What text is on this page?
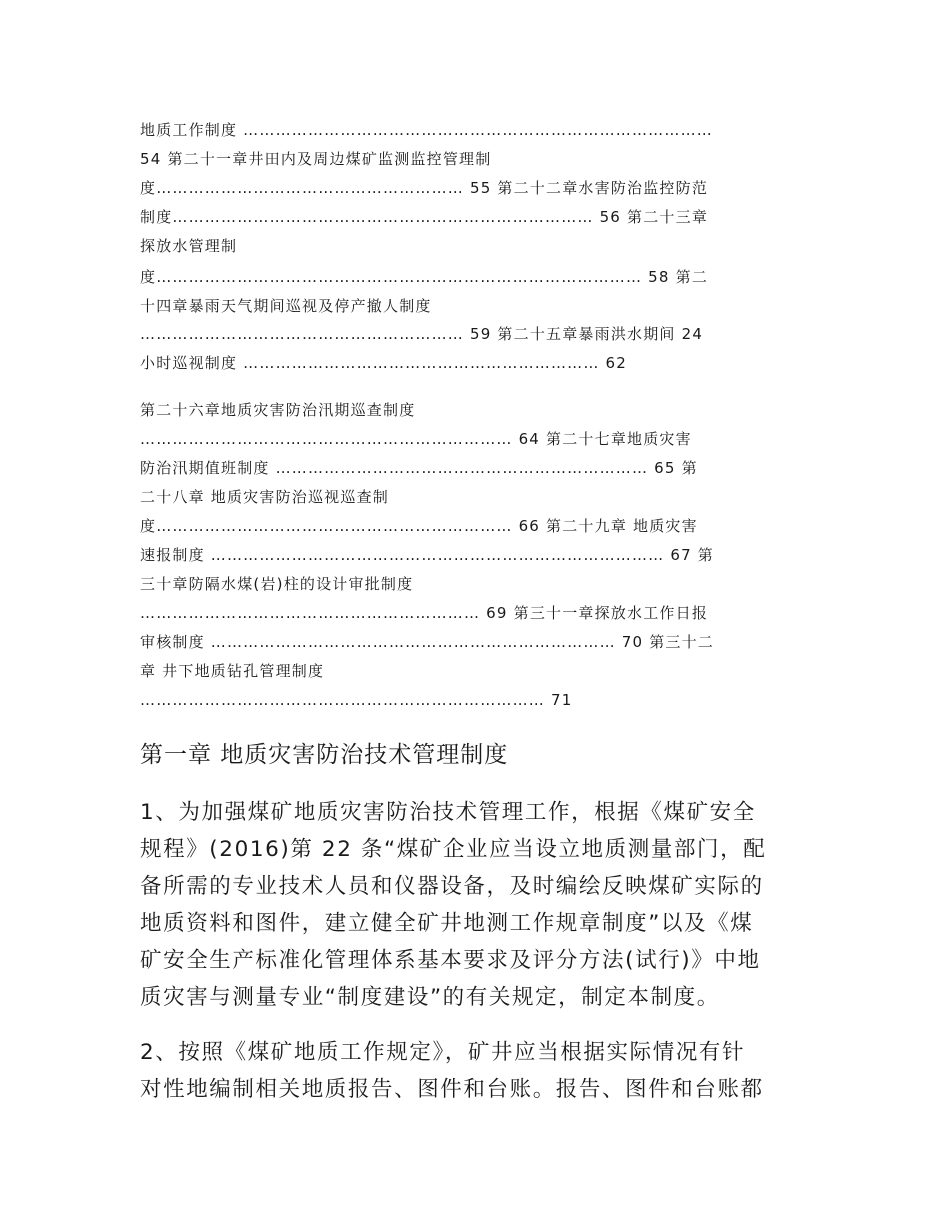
地质工作制度 ……………………………………………………………………………
54 第二十一章井田内及周边煤矿监测监控管理制
度………………………………………………… 55 第二十二章水害防治监控防范
制度…………………………………………………………………… 56 第二十三章
探放水管理制
度……………………………………………………………………………… 58 第二
十四章暴雨天气期间巡视及停产撤人制度
…………………………………………………… 59 第二十五章暴雨洪水期间 24
小时巡视制度 ………………………………………………………… 62
第二十六章地质灾害防治汛期巡查制度
…………………………………………………………… 64 第二十七章地质灾害
防治汛期值班制度 …………………………………………………………… 65 第
二十八章 地质灾害防治巡视巡查制
度………………………………………………………… 66 第二十九章 地质灾害
速报制度 ………………………………………………………………………… 67 第
三十章防隔水煤(岩)柱的设计审批制度
……………………………………………………… 69 第三十一章探放水工作日报
审核制度 ………………………………………………………………… 70 第三十二
章 井下地质钻孔管理制度
………………………………………………………………… 71
第一章 地质灾害防治技术管理制度
1、为加强煤矿地质灾害防治技术管理工作，根据《煤矿安全
规程》(2016)第 22 条“煤矿企业应当设立地质测量部门，配
备所需的专业技术人员和仪器设备，及时编绘反映煤矿实际的
地质资料和图件，建立健全矿井地测工作规章制度”以及《煤
矿安全生产标准化管理体系基本要求及评分方法(试行)》中地
质灾害与测量专业“制度建设”的有关规定，制定本制度。
2、按照《煤矿地质工作规定》，矿井应当根据实际情况有针
对性地编制相关地质报告、图件和台账。报告、图件和台账都
